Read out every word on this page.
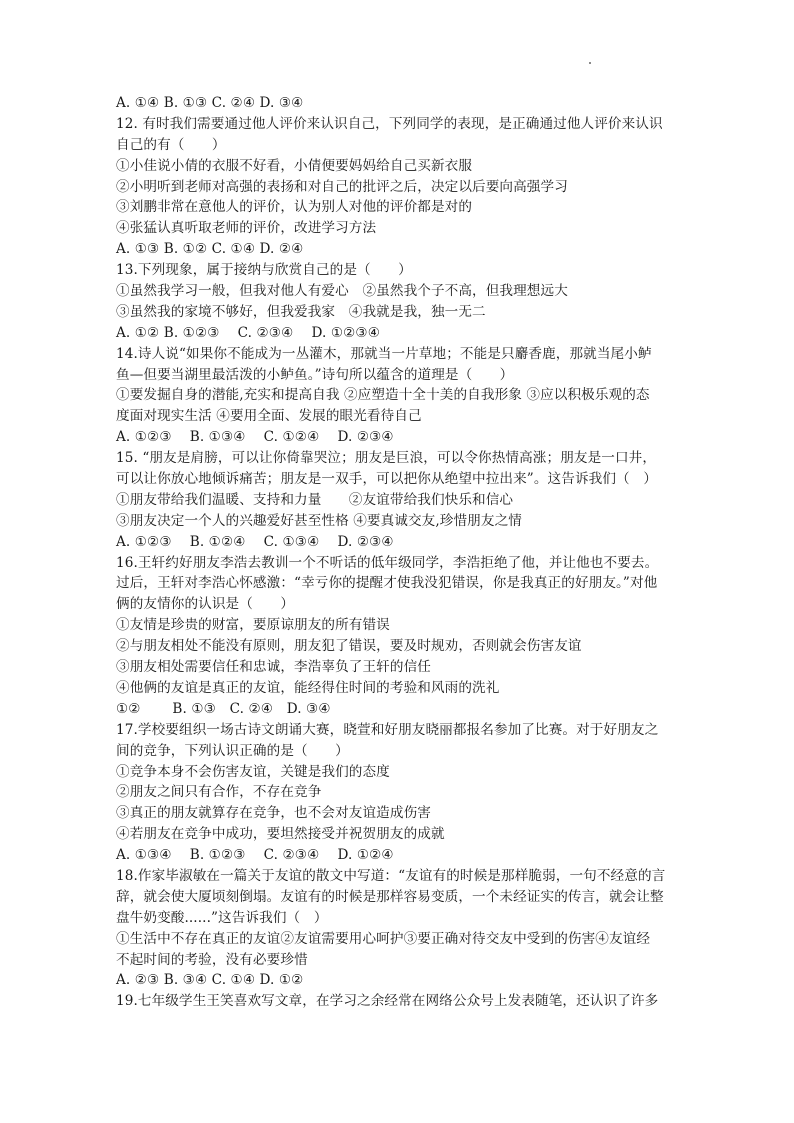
A. ①④ B. ①③ C. ②④ D. ③④
12. 有时我们需要通过他人评价来认识自己，下列同学的表现，是正确通过他人评价来认识
自己的有（　　）
①小佳说小倩的衣服不好看，小倩便要妈妈给自己买新衣服
②小明听到老师对高强的表扬和对自己的批评之后，决定以后要向高强学习
③刘鹏非常在意他人的评价，认为别人对他的评价都是对的
④张猛认真听取老师的评价，改进学习方法
A. ①③ B. ①② C. ①④ D. ②④
13.下列现象，属于接纳与欣赏自己的是（　　）
①虽然我学习一般，但我对他人有爱心　②虽然我个子不高，但我理想远大
③虽然我的家境不够好，但我爱我家　④我就是我，独一无二
A. ①② B. ①②③　 C. ②③④　 D. ①②③④
14.诗人说“如果你不能成为一丛灌木，那就当一片草地；不能是只麝香鹿，那就当尾小鲈
鱼—但要当湖里最活泼的小鲈鱼。”诗句所以蕴含的道理是（　　）
①要发掘自身的潜能,充实和提高自我 ②应塑造十全十美的自我形象 ③应以积极乐观的态
度面对现实生活 ④要用全面、发展的眼光看待自己
A. ①②③　 B. ①③④　 C. ①②④　 D. ②③④
15. “朋友是肩膀，可以让你倚靠哭泣；朋友是巨浪，可以令你热情高涨；朋友是一口井，
可以让你放心地倾诉痛苦；朋友是一双手，可以把你从绝望中拉出来”。这告诉我们（　）
①朋友带给我们温暖、支持和力量　　②友谊带给我们快乐和信心
③朋友决定一个人的兴趣爱好甚至性格 ④要真诚交友,珍惜朋友之情
A. ①②③　 B. ①②④　 C. ①③④　 D. ②③④
16.王轩约好朋友李浩去教训一个不听话的低年级同学，李浩拒绝了他，并让他也不要去。
过后，王轩对李浩心怀感激：“幸亏你的提醒才使我没犯错误，你是我真正的好朋友。”对他
俩的友情你的认识是（　　）
①友情是珍贵的财富，要原谅朋友的所有错误
②与朋友相处不能没有原则，朋友犯了错误，要及时规劝，否则就会伤害友谊
③朋友相处需要信任和忠诚，李浩辜负了王轩的信任
④他俩的友谊是真正的友谊，能经得住时间的考验和风雨的洗礼
①②　　 B. ①③　C. ②④　D. ③④
17.学校要组织一场古诗文朗诵大赛，晓萱和好朋友晓丽都报名参加了比赛。对于好朋友之
间的竞争，下列认识正确的是（　　）
①竞争本身不会伤害友谊，关键是我们的态度
②朋友之间只有合作，不存在竞争
③真正的朋友就算存在竞争，也不会对友谊造成伤害
④若朋友在竞争中成功，要坦然接受并祝贺朋友的成就
A. ①③④　 B. ①②③　 C. ②③④　 D. ①②④
18.作家毕淑敏在一篇关于友谊的散文中写道：“友谊有的时候是那样脆弱，一句不经意的言
辞，就会使大厦顷刻倒塌。友谊有的时候是那样容易变质，一个未经证实的传言，就会让整
盘牛奶变酸......”这告诉我们（　）
①生活中不存在真正的友谊②友谊需要用心呵护③要正确对待交友中受到的伤害④友谊经
不起时间的考验，没有必要珍惜
A. ②③ B. ③④ C. ①④ D. ①②
19.七年级学生王笑喜欢写文章，在学习之余经常在网络公众号上发表随笔，还认识了许多
